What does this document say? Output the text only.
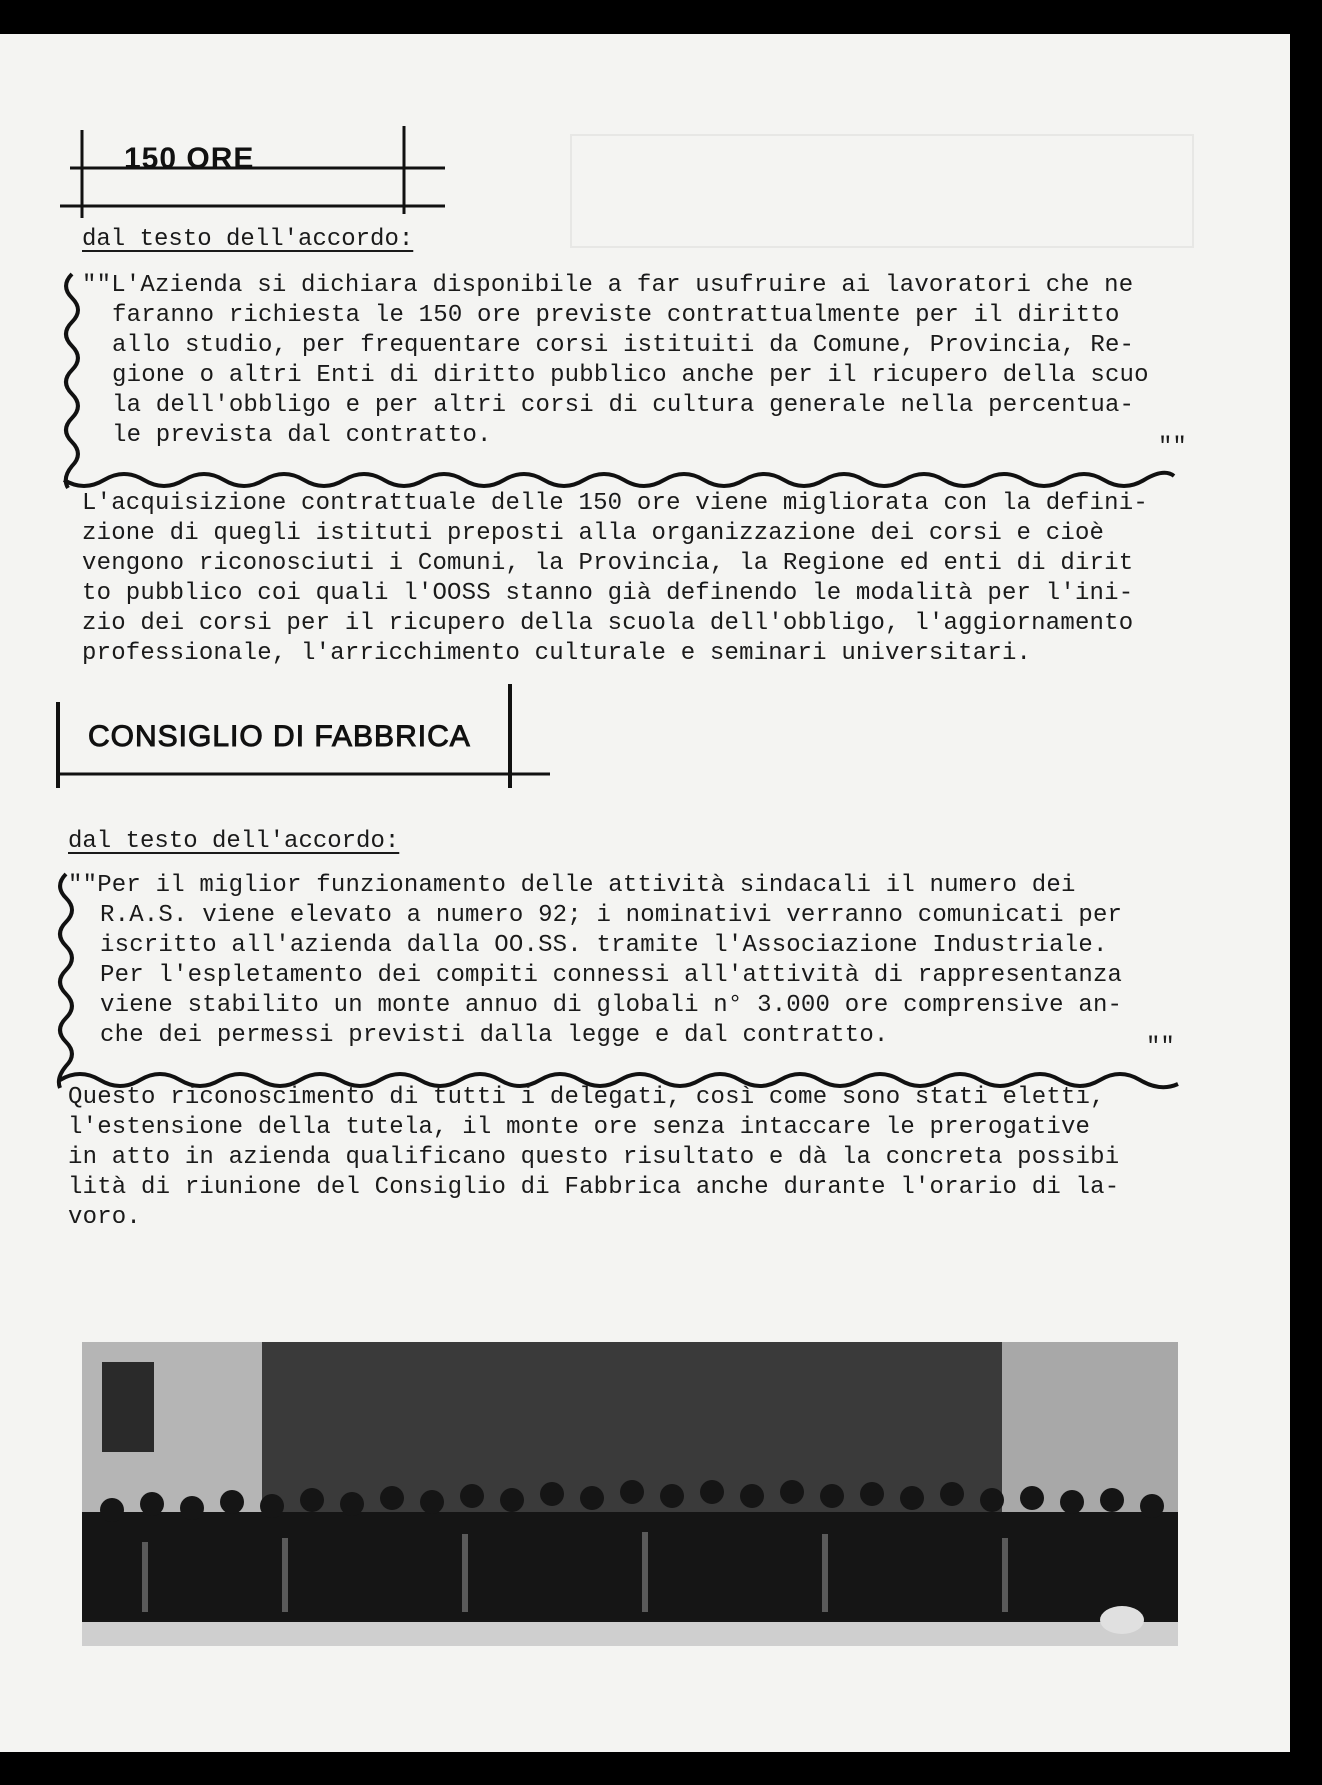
150 ORE
dal testo dell'accordo:
""L'Azienda si dichiara disponibile a far usufruire ai lavoratori che ne
faranno richiesta le 150 ore previste contrattualmente per il diritto
allo studio, per frequentare corsi istituiti da Comune, Provincia, Re-
gione o altri Enti di diritto pubblico anche per il ricupero della scuo
la dell'obbligo e per altri corsi di cultura generale nella percentua-
le prevista dal contratto.	""
L'acquisizione contrattuale delle 150 ore viene migliorata con la defini-
zione di quegli istituti preposti alla organizzazione dei corsi e cioè
vengono riconosciuti i Comuni, la Provincia, la Regione ed enti di dirit
to pubblico coi quali l'OOSS stanno già definendo le modalità per l'ini-
zio dei corsi per il ricupero della scuola dell'obbligo, l'aggiornamento
professionale, l'arricchimento culturale e seminari universitari.
CONSIGLIO DI FABBRICA
dal testo dell'accordo:
""Per il miglior funzionamento delle attività sindacali il numero dei
R.A.S. viene elevato a numero 92; i nominativi verranno comunicati per
iscritto all'azienda dalla OO.SS. tramite l'Associazione Industriale.
Per l'espletamento dei compiti connessi all'attività di rappresentanza
viene stabilito un monte annuo di globali n° 3.000 ore comprensive an-
che dei permessi previsti dalla legge e dal contratto.	""
Questo riconoscimento di tutti i delegati, così come sono stati eletti,
l'estensione della tutela, il monte ore senza intaccare le prerogative
in atto in azienda qualificano questo risultato e dà la concreta possibi
lità di riunione del Consiglio di Fabbrica anche durante l'orario di la-
voro.
